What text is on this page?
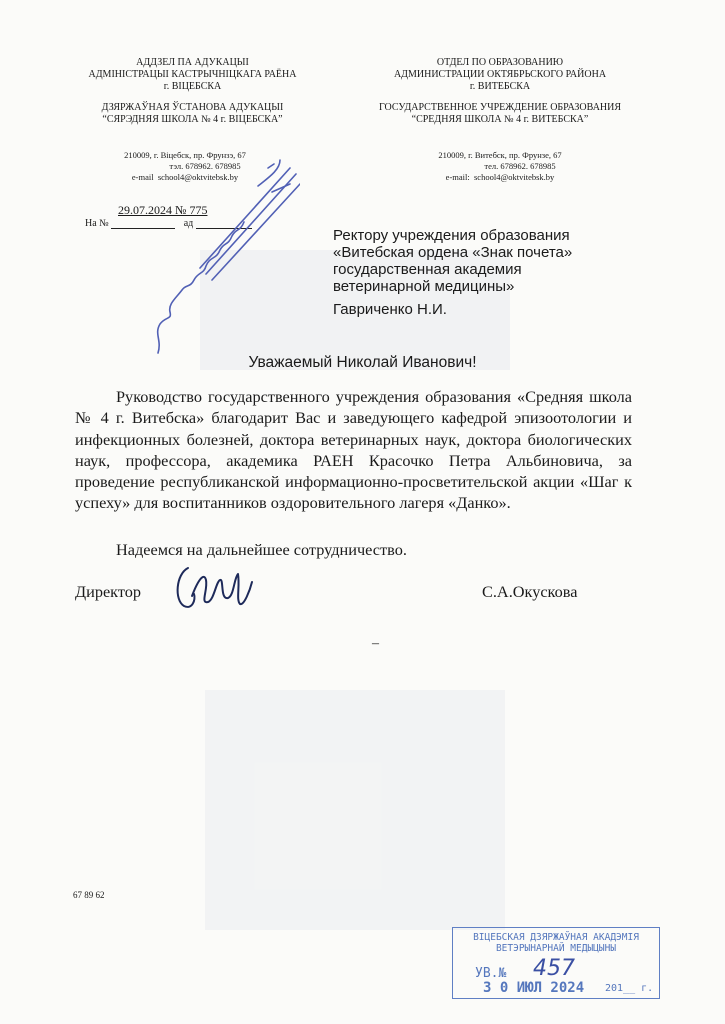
АДДЗЕЛ ПА АДУКАЦЫІ
АДМІНІСТРАЦЫІ КАСТРЫЧНІЦКАГА РАЁНА
г. ВІЦЕБСКА
ДЗЯРЖАЎНАЯ ЎСТАНОВА АДУКАЦЫІ
“СЯРЭДНЯЯ ШКОЛА № 4 г. ВІЦЕБСКА”
210009, г. Віцебск, пр. Фрунзэ, 67
тэл. 678962. 678985
e-mail school4@oktvitebsk.by
ОТДЕЛ ПО ОБРАЗОВАНИЮ
АДМИНИСТРАЦИИ ОКТЯБРЬСКОГО РАЙОНА
г. ВИТЕБСКА
ГОСУДАРСТВЕННОЕ УЧРЕЖДЕНИЕ ОБРАЗОВАНИЯ
“СРЕДНЯЯ ШКОЛА № 4 г. ВИТЕБСКА”
210009, г. Витебск, пр. Фрунзе, 67
тел. 678962. 678985
e-mail: school4@oktvitebsk.by
29.07.2024 № 775
На №	ад
Ректору учреждения образования
«Витебская ордена «Знак почета»
государственная академия
ветеринарной медицины»
Гавриченко Н.И.
Уважаемый Николай Иванович!
Руководство государственного учреждения образования «Средняя школа № 4 г. Витебска» благодарит Вас и заведующего кафедрой эпизоотологии и инфекционных болезней, доктора ветеринарных наук, доктора биологических наук, профессора, академика РАЕН Красочко Петра Альбиновича, за проведение республиканской информационно-просветительской акции «Шаг к успеху» для воспитанников оздоровительного лагеря «Данко».
Надеемся на дальнейшее сотрудничество.
Директор	С.А.Окускова
–
67 89 62
ВІЦЕБСКАЯ ДЗЯРЖАЎНАЯ АКАДЭМІЯ
ВЕТЭРЫНАРНАЙ МЕДЫЦЫНЫ
УВ.№ 457
3 0 ИЮЛ 2024 201__ г.
